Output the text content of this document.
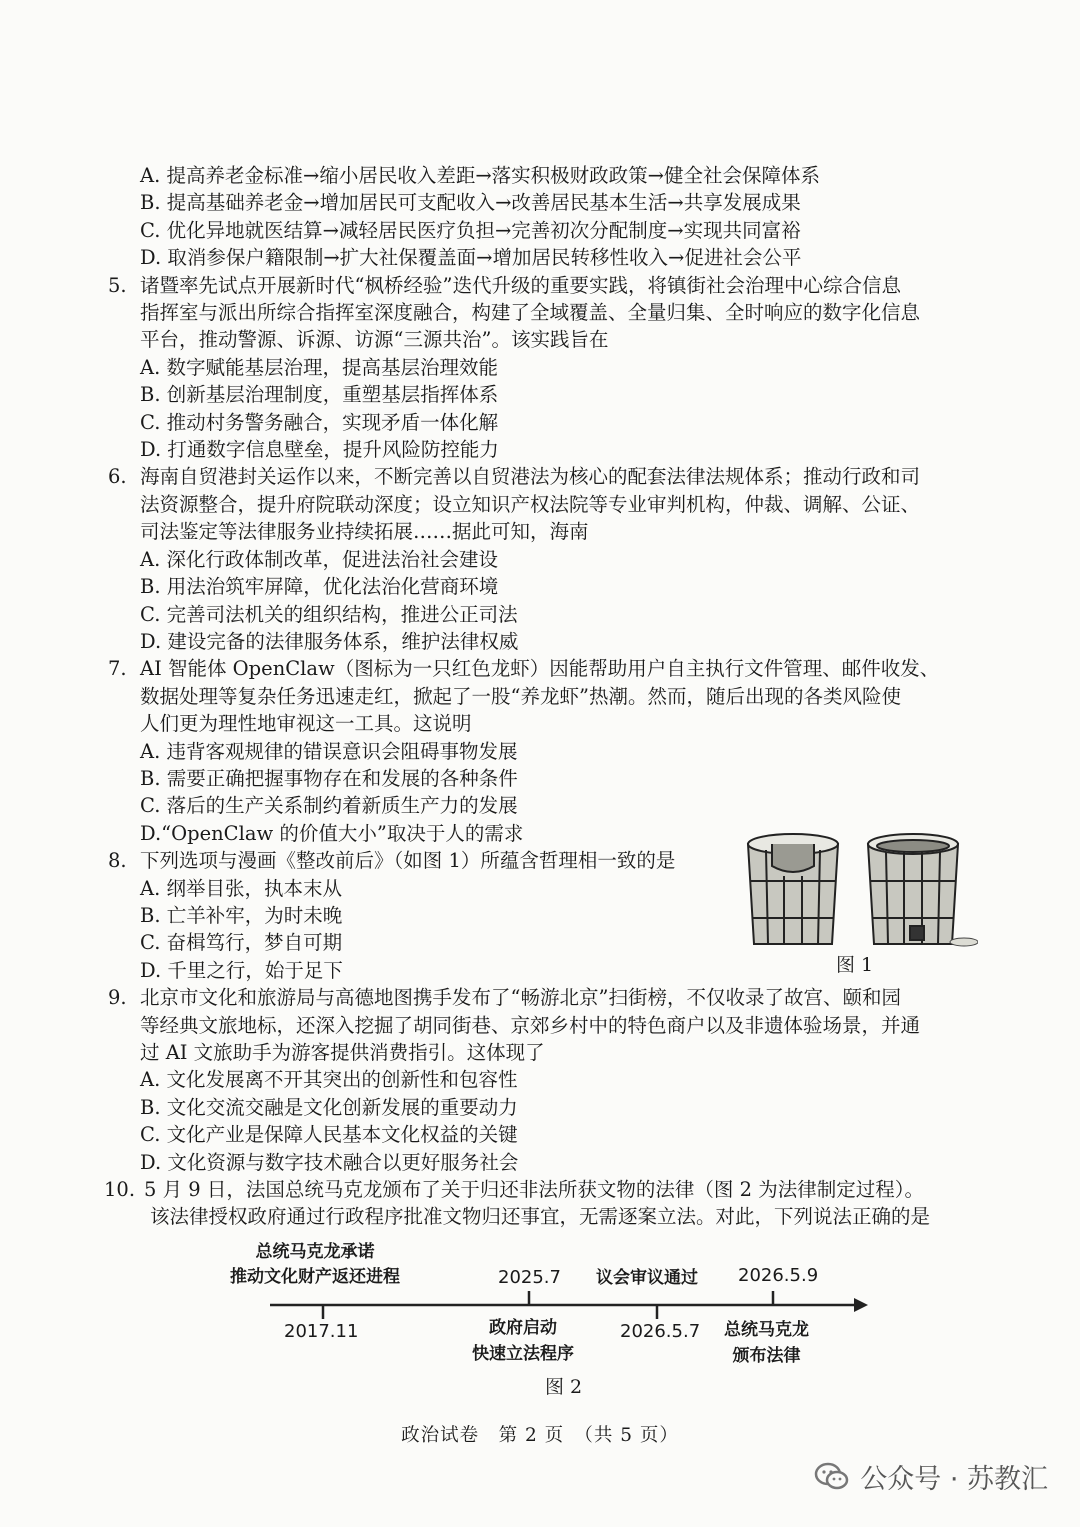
A. 提高养老金标准→缩小居民收入差距→落实积极财政政策→健全社会保障体系
B. 提高基础养老金→增加居民可支配收入→改善居民基本生活→共享发展成果
C. 优化异地就医结算→减轻居民医疗负担→完善初次分配制度→实现共同富裕
D. 取消参保户籍限制→扩大社保覆盖面→增加居民转移性收入→促进社会公平
5. 诸暨率先试点开展新时代“枫桥经验”迭代升级的重要实践，将镇街社会治理中心综合信息
指挥室与派出所综合指挥室深度融合，构建了全域覆盖、全量归集、全时响应的数字化信息
平台，推动警源、诉源、访源“三源共治”。该实践旨在
A. 数字赋能基层治理，提高基层治理效能
B. 创新基层治理制度，重塑基层指挥体系
C. 推动村务警务融合，实现矛盾一体化解
D. 打通数字信息壁垒，提升风险防控能力
6. 海南自贸港封关运作以来，不断完善以自贸港法为核心的配套法律法规体系；推动行政和司
法资源整合，提升府院联动深度；设立知识产权法院等专业审判机构，仲裁、调解、公证、
司法鉴定等法律服务业持续拓展……据此可知，海南
A. 深化行政体制改革，促进法治社会建设
B. 用法治筑牢屏障，优化法治化营商环境
C. 完善司法机关的组织结构，推进公正司法
D. 建设完备的法律服务体系，维护法律权威
7. AI 智能体 OpenClaw（图标为一只红色龙虾）因能帮助用户自主执行文件管理、邮件收发、
数据处理等复杂任务迅速走红，掀起了一股“养龙虾”热潮。然而，随后出现的各类风险使
人们更为理性地审视这一工具。这说明
A. 违背客观规律的错误意识会阻碍事物发展
B. 需要正确把握事物存在和发展的各种条件
C. 落后的生产关系制约着新质生产力的发展
D.“OpenClaw 的价值大小”取决于人的需求
8. 下列选项与漫画《整改前后》（如图 1）所蕴含哲理相一致的是
A. 纲举目张，执本末从
B. 亡羊补牢，为时未晚
C. 奋楫笃行，梦自可期
D. 千里之行，始于足下
9. 北京市文化和旅游局与高德地图携手发布了“畅游北京”扫街榜，不仅收录了故宫、颐和园
等经典文旅地标，还深入挖掘了胡同街巷、京郊乡村中的特色商户以及非遗体验场景，并通
过 AI 文旅助手为游客提供消费指引。这体现了
A. 文化发展离不开其突出的创新性和包容性
B. 文化交流交融是文化创新发展的重要动力
C. 文化产业是保障人民基本文化权益的关键
D. 文化资源与数字技术融合以更好服务社会
10. 5 月 9 日，法国总统马克龙颁布了关于归还非法所获文物的法律（图 2 为法律制定过程）。
该法律授权政府通过行政程序批准文物归还事宜，无需逐案立法。对此，下列说法正确的是
图 1
总统马克龙承诺
推动文化财产返还进程	2025.7 议会审议通过 2026.5.9
2017.11	政府启动
快速立法程序
2026.5.7 总统马克龙
颁布法律
图 2
政治试卷　第 2 页　（共 5 页）
公众号 · 苏教汇
